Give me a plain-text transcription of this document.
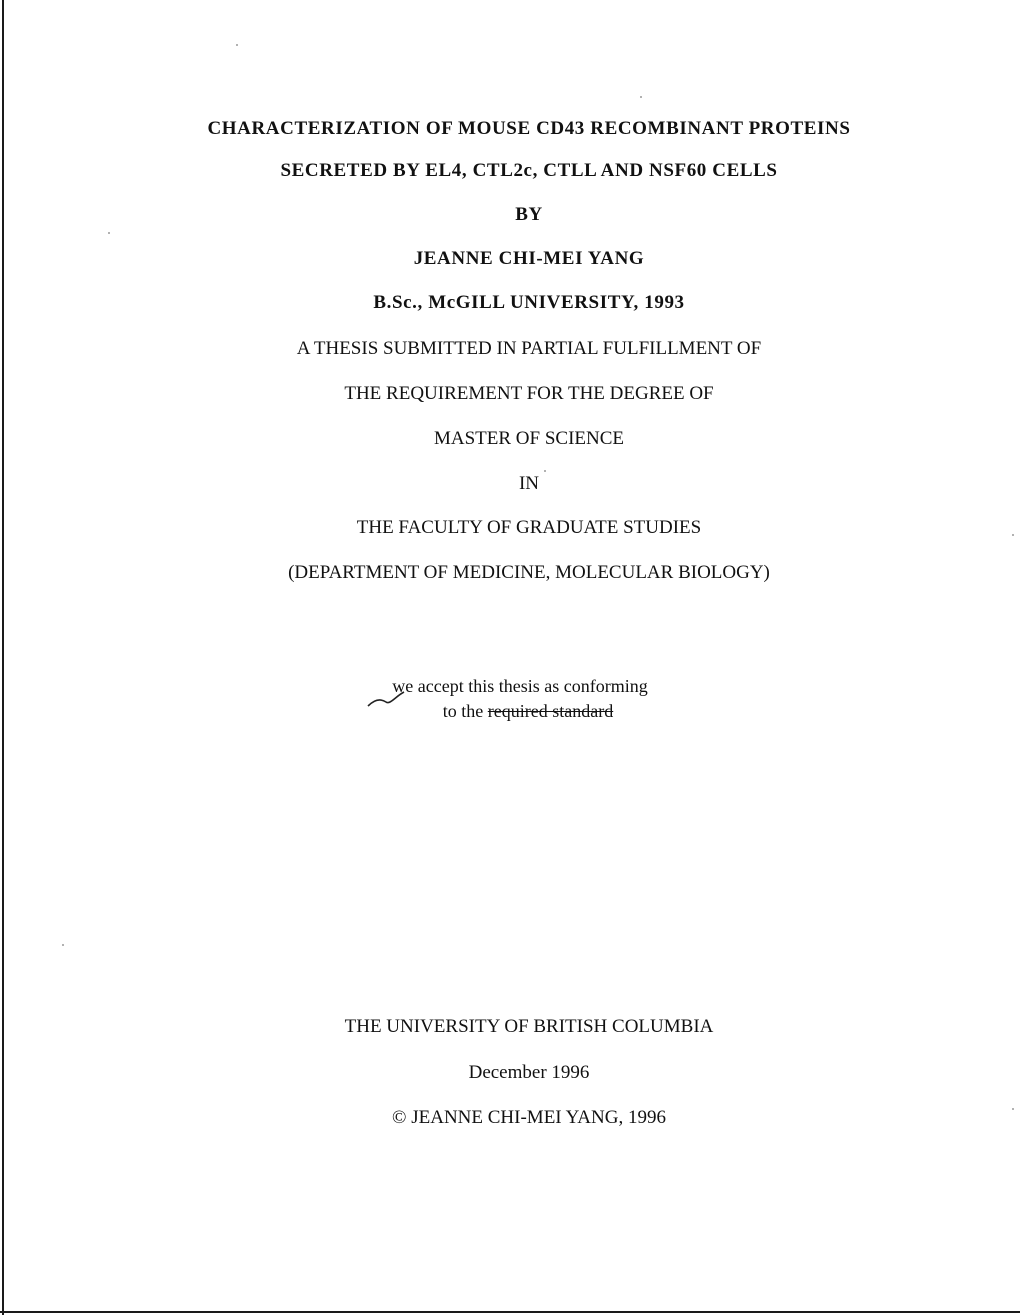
CHARACTERIZATION OF MOUSE CD43 RECOMBINANT PROTEINS
SECRETED BY EL4, CTL2c, CTLL AND NSF60 CELLS
BY
JEANNE CHI-MEI YANG
B.Sc., McGILL UNIVERSITY, 1993
A THESIS SUBMITTED IN PARTIAL FULFILLMENT OF
THE REQUIREMENT FOR THE DEGREE OF
MASTER OF SCIENCE
IN
THE FACULTY OF GRADUATE STUDIES
(DEPARTMENT OF MEDICINE, MOLECULAR BIOLOGY)
we accept this thesis as conforming
to the required standard
THE UNIVERSITY OF BRITISH COLUMBIA
December 1996
© JEANNE CHI-MEI YANG, 1996
